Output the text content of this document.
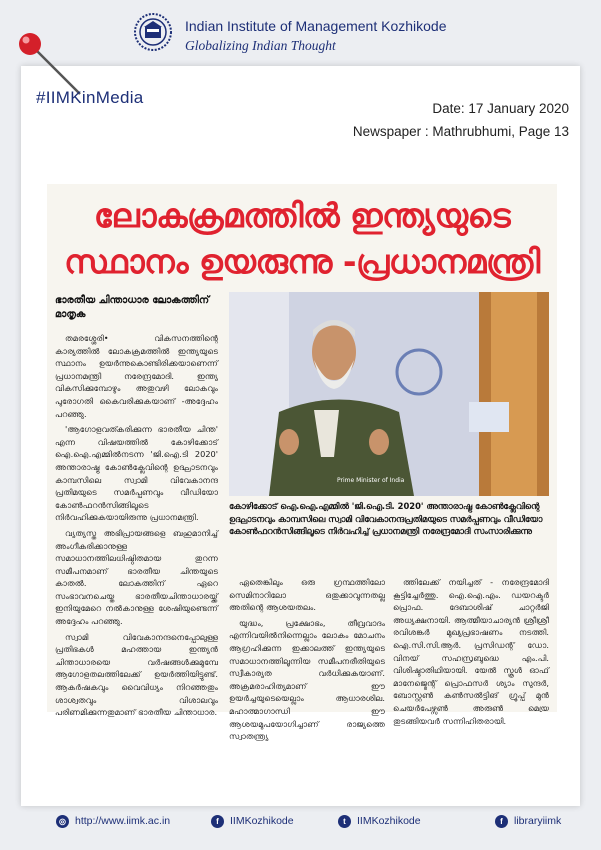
Indian Institute of Management Kozhikode
Globalizing Indian Thought
#IIMKinMedia
Date: 17 January 2020
Newspaper : Mathrubhumi, Page 13
ലോകക്രമത്തിൽ ഇന്ത്യയുടെ
സ്ഥാനം ഉയരുന്നു -പ്രധാനമന്ത്രി
ഭാരതീയ ചിന്താധാര ലോകത്തിന് മാതൃക

തമരശ്ശേരി• വികസനത്തിന്റെ കാര്യത്തിൽ ലോകക്രമത്തിൽ ഇന്ത്യയുടെ സ്ഥാനം ഉയർന്നുകൊണ്ടിരിക്കയാണെന്ന് പ്രധാനമന്ത്രി നരേന്ദ്രമോദി. ഇന്ത്യ വികസിക്കുമ്പോഴും അതുവഴി ലോകവും പുരോഗതി കൈവരിക്കുകയാണ് -അദ്ദേഹം പറഞ്ഞു.

'ആഗോളവത്കരിക്കുന്ന ഭാരതീയ ചിന്ത' എന്ന വിഷയത്തിൽ കോഴിക്കോട് ഐ.ഐ.എമ്മിൽനടന്ന 'ജി.ഐ.ടി 2020' അന്താരാഷ്ട്ര കോൺക്ലേവിന്റെ ഉദ്ഘാടനവും കാമ്പസിലെ സ്വാമി വിവേകാനന്ദ പ്രതിമയുടെ സമർപ്പണവും വീഡിയോ കോൺഫറൻസിങ്ങിലൂടെ നിർവഹിക്കുകയായിരുന്നു പ്രധാനമന്ത്രി.

വ്യത്യസ്ത അഭിപ്രായങ്ങളെ ബഹുമാനിച്ച് അംഗീകരിക്കാനുള്ള സമാധാനത്തിലധിഷ്ഠിതമായ തുറന്ന സമീപനമാണ് ഭാരതീയ ചിന്തയുടെ കാതൽ. ലോകത്തിന് ഏറെ സംഭാവനചെയ്ത ഭാരതീയചിന്താധാരയ്ക്ക് ഇനിയുമേറെ നൽകാനുള്ള ശേഷിയുണ്ടെന്ന് അദ്ദേഹം പറഞ്ഞു.

സ്വാമി വിവേകാനന്ദനെപ്പോലുള്ള പ്രതിഭകൾ മഹത്തായ ഇന്ത്യൻ ചിന്താധാരയെ വർഷങ്ങൾക്കുമുമ്പേ ആഗോളതലത്തിലേക്ക് ഉയർത്തിയിട്ടുണ്ട്. ആകർഷകവും വൈവിധ്യം നിറഞ്ഞതും ശാശ്വതവും വിശാലവും പരിണമിക്കുന്നതുമാണ് ഭാരതീയ ചിന്താധാര.

Prime Minister of India
കോഴിക്കോട് ഐ.ഐ.എമ്മിൽ 'ജി.ഐ.ടി. 2020' അന്താരാഷ്ട്ര കോൺക്ലേവിന്റെ ഉദ്ഘാടനവും കാമ്പസിലെ സ്വാമി വിവേകാനന്ദപ്രതിമയുടെ സമർപ്പണവും വീഡിയോ കോൺഫറൻസിങ്ങിലൂടെ നിർവഹിച്ച് പ്രധാനമന്ത്രി നരേന്ദ്രമോദി സംസാരിക്കുന്നു

ഏതെങ്കിലും ഒരു ഗ്രന്ഥത്തിലോ സെമിനാറിലോ ഒതുക്കാവുന്നതല്ല അതിന്റെ ആശയതലം.

യുദ്ധം, പ്രക്ഷോഭം, തീവ്രവാദം എന്നിവയിൽനിന്നെല്ലാം ലോകം മോചനം ആഗ്രഹിക്കുന്ന ഇക്കാലത്ത് ഇന്ത്യയുടെ സമാധാനത്തിലൂന്നിയ സമീപനരീതിയുടെ സ്വീകാര്യത വർധിക്കുകയാണ്. അക്രമരാഹിത്യമാണ് ഈ ഉയർച്ചയുടെയെല്ലാം ആധാരശില. മഹാത്മാഗാന്ധി ഈ ആശയമുപയോഗിച്ചാണ് രാജ്യത്തെ സ്വാതന്ത്ര്യ

ത്തിലേക്ക് നയിച്ചത് - നരേന്ദ്രമോദി കൂട്ടിച്ചേർത്തു. ഐ.ഐ.എം. ഡയറക്ടർ പ്രൊഫ. ദേബാശിഷ് ചാറ്റർജി അധ്യക്ഷനായി. ആത്മീയാചാര്യൻ ശ്രീശ്രീ രവിശങ്കർ മുഖ്യപ്രഭാഷണം നടത്തി. ഐ.സി.സി.ആർ. പ്രസിഡന്റ് ഡോ. വിനയ് സഹസ്രബുദ്ധെ എം.പി. വിശിഷ്ടാതിഥിയായി. യേൽ സ്കൂൾ ഓഫ് മാനേജ്മെന്റ് പ്രൊഫസർ ശ്യാം സുന്ദർ, ബോസ്റ്റൺ കൺസൽട്ടിങ് ഗ്രൂപ്പ് മുൻ ചെയർപേഴ്സൺ അരുൺ മെയ്ര തുടങ്ങിയവർ സന്നിഹിതരായി.

◎ http://www.iimk.ac.in	f	IIMKozhikode	t	IIMKozhikode	f	libraryiimk
